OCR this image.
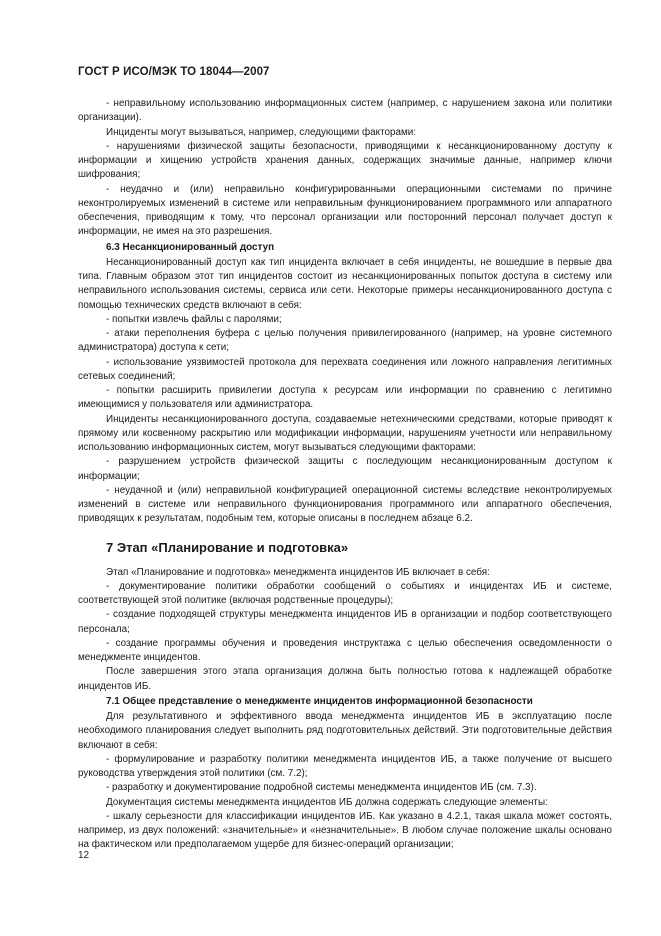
ГОСТ Р ИСО/МЭК ТО 18044—2007

- неправильному использованию информационных систем (например, с нарушением закона или политики организации).

Инциденты могут вызываться, например, следующими факторами:

- нарушениями физической защиты безопасности, приводящими к несанкционированному доступу к информации и хищению устройств хранения данных, содержащих значимые данные, например ключи шифрования;

- неудачно и (или) неправильно конфигурированными операционными системами по причине неконтролируемых изменений в системе или неправильным функционированием программного или аппаратного обеспечения, приводящим к тому, что персонал организации или посторонний персонал получает доступ к информации, не имея на это разрешения.

6.3 Несанкционированный доступ

Несанкционированный доступ как тип инцидента включает в себя инциденты, не вошедшие в первые два типа. Главным образом этот тип инцидентов состоит из несанкционированных попыток доступа в систему или неправильного использования системы, сервиса или сети. Некоторые примеры несанкционированного доступа с помощью технических средств включают в себя:

- попытки извлечь файлы с паролями;

- атаки переполнения буфера с целью получения привилегированного (например, на уровне системного администратора) доступа к сети;

- использование уязвимостей протокола для перехвата соединения или ложного направления легитимных сетевых соединений;

- попытки расширить привилегии доступа к ресурсам или информации по сравнению с легитимно имеющимися у пользователя или администратора.

Инциденты несанкционированного доступа, создаваемые нетехническими средствами, которые приводят к прямому или косвенному раскрытию или модификации информации, нарушениям учетности или неправильному использованию информационных систем, могут вызываться следующими факторами:

- разрушением устройств физической защиты с последующим несанкционированным доступом к информации;

- неудачной и (или) неправильной конфигурацией операционной системы вследствие неконтролируемых изменений в системе или неправильного функционирования программного или аппаратного обеспечения, приводящих к результатам, подобным тем, которые описаны в последнем абзаце 6.2.

7 Этап «Планирование и подготовка»

Этап «Планирование и подготовка» менеджмента инцидентов ИБ включает в себя:

- документирование политики обработки сообщений о событиях и инцидентах ИБ и системе, соответствующей этой политике (включая родственные процедуры);

- создание подходящей структуры менеджмента инцидентов ИБ в организации и подбор соответствующего персонала;

- создание программы обучения и проведения инструктажа с целью обеспечения осведомленности о менеджменте инцидентов.

После завершения этого этапа организация должна быть полностью готова к надлежащей обработке инцидентов ИБ.

7.1 Общее представление о менеджменте инцидентов информационной безопасности

Для результативного и эффективного ввода менеджмента инцидентов ИБ в эксплуатацию после необходимого планирования следует выполнить ряд подготовительных действий. Эти подготовительные действия включают в себя:

- формулирование и разработку политики менеджмента инцидентов ИБ, а также получение от высшего руководства утверждения этой политики (см. 7.2);

- разработку и документирование подробной системы менеджмента инцидентов ИБ (см. 7.3).

Документация системы менеджмента инцидентов ИБ должна содержать следующие элементы:

- шкалу серьезности для классификации инцидентов ИБ. Как указано в 4.2.1, такая шкала может состоять, например, из двух положений: «значительные» и «незначительные». В любом случае положение шкалы основано на фактическом или предполагаемом ущербе для бизнес-операций организации;

12
